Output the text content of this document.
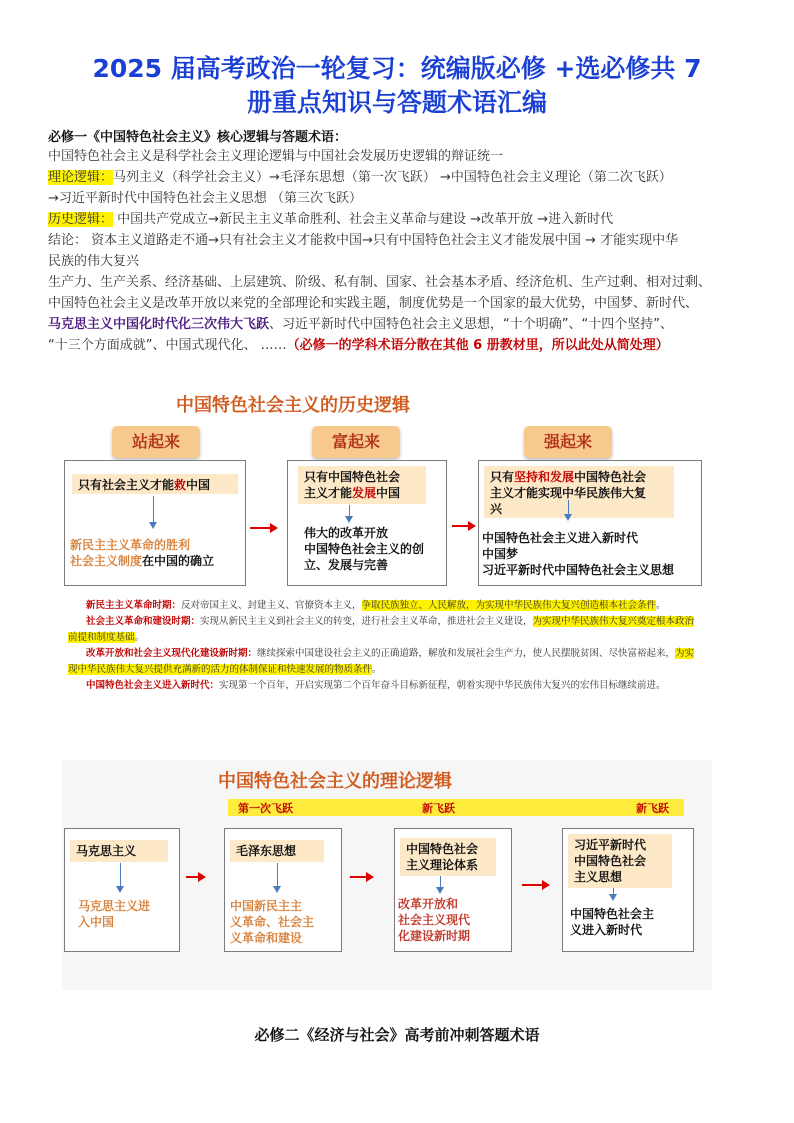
2025 届高考政治一轮复习：统编版必修 +选必修共 7
册重点知识与答题术语汇编
必修一《中国特色社会主义》核心逻辑与答题术语：
中国特色社会主义是科学社会主义理论逻辑与中国社会发展历史逻辑的辩证统一
理论逻辑：马列主义（科学社会主义）→毛泽东思想（第一次飞跃） →中国特色社会主义理论（第二次飞跃）
→习近平新时代中国特色社会主义思想 （第三次飞跃）
历史逻辑： 中国共产党成立→新民主主义革命胜利、社会主义革命与建设 →改革开放 →进入新时代
结论： 资本主义道路走不通→只有社会主义才能救中国→只有中国特色社会主义才能发展中国 → 才能实现中华
民族的伟大复兴
生产力、生产关系、经济基础、上层建筑、阶级、私有制、国家、社会基本矛盾、经济危机、生产过剩、相对过剩、
中国特色社会主义是改革开放以来党的全部理论和实践主题，制度优势是一个国家的最大优势，中国梦、新时代、
马克思主义中国化时代化三次伟大飞跃、习近平新时代中国特色社会主义思想，“十个明确”、“十四个坚持”、
“十三个方面成就”、中国式现代化、 ……（必修一的学科术语分散在其他 6 册教材里，所以此处从简处理）
中国特色社会主义的历史逻辑
站起来	富起来	强起来
只有社会主义才能救中国
新民主主义革命的胜利
社会主义制度在中国的确立
只有中国特色社会
主义才能发展中国
伟大的改革开放
中国特色社会主义的创
立、发展与完善
只有坚持和发展中国特色社会
主义才能实现中华民族伟大复
兴
中国特色社会主义进入新时代
中国梦
习近平新时代中国特色社会主义思想
新民主主义革命时期：反对帝国主义、封建主义、官僚资本主义，争取民族独立、人民解放，为实现中华民族伟大复兴创造根本社会条件。
社会主义革命和建设时期：实现从新民主主义到社会主义的转变，进行社会主义革命，推进社会主义建设，为实现中华民族伟大复兴奠定根本政治前提和制度基础。
改革开放和社会主义现代化建设新时期：继续探索中国建设社会主义的正确道路，解放和发展社会生产力，使人民摆脱贫困、尽快富裕起来，为实现中华民族伟大复兴提供充满新的活力的体制保证和快速发展的物质条件。
中国特色社会主义进入新时代：实现第一个百年，开启实现第二个百年奋斗目标新征程，朝着实现中华民族伟大复兴的宏伟目标继续前进。
中国特色社会主义的理论逻辑
第一次飞跃	新飞跃	新飞跃
马克思主义
马克思主义进
入中国
毛泽东思想
中国新民主主
义革命、社会主
义革命和建设
中国特色社会
主义理论体系
改革开放和
社会主义现代
化建设新时期
习近平新时代
中国特色社会
主义思想
中国特色社会主
义进入新时代
必修二《经济与社会》高考前冲刺答题术语
